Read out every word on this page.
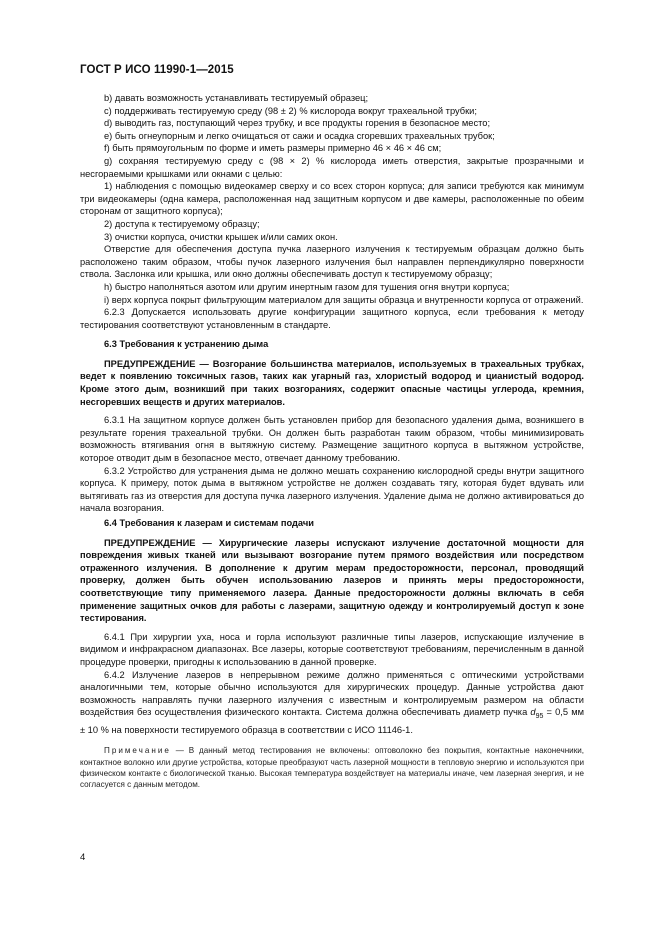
ГОСТ Р ИСО 11990-1—2015

b) давать возможность устанавливать тестируемый образец;

c) поддерживать тестируемую среду (98 ± 2) % кислорода вокруг трахеальной трубки;

d) выводить газ, поступающий через трубку, и все продукты горения в безопасное место;

e) быть огнеупорным и легко очищаться от сажи и осадка сгоревших трахеальных трубок;

f) быть прямоугольным по форме и иметь размеры примерно 46 × 46 × 46 см;

g) сохраняя тестируемую среду с (98 × 2) % кислорода иметь отверстия, закрытые прозрачными и несгораемыми крышками или окнами с целью:

1) наблюдения с помощью видеокамер сверху и со всех сторон корпуса; для записи требуются как минимум три видеокамеры (одна камера, расположенная над защитным корпусом и две камеры, расположенные по обеим сторонам от защитного корпуса);

2) доступа к тестируемому образцу;

3) очистки корпуса, очистки крышек и/или самих окон.

Отверстие для обеспечения доступа пучка лазерного излучения к тестируемым образцам должно быть расположено таким образом, чтобы пучок лазерного излучения был направлен перпендикулярно поверхности ствола. Заслонка или крышка, или окно должны обеспечивать доступ к тестируемому образцу;

h) быстро наполняться азотом или другим инертным газом для тушения огня внутри корпуса;

i) верх корпуса покрыт фильтрующим материалом для защиты образца и внутренности корпуса от отражений.

6.2.3 Допускается использовать другие конфигурации защитного корпуса, если требования к методу тестирования соответствуют установленным в стандарте.

6.3 Требования к устранению дыма

ПРЕДУПРЕЖДЕНИЕ — Возгорание большинства материалов, используемых в трахеальных трубках, ведет к появлению токсичных газов, таких как угарный газ, хлористый водород и цианистый водород. Кроме этого дым, возникший при таких возгораниях, содержит опасные частицы углерода, кремния, несгоревших веществ и других материалов.

6.3.1 На защитном корпусе должен быть установлен прибор для безопасного удаления дыма, возникшего в результате горения трахеальной трубки. Он должен быть разработан таким образом, чтобы минимизировать возможность втягивания огня в вытяжную систему. Размещение защитного корпуса в вытяжном устройстве, которое отводит дым в безопасное место, отвечает данному требованию.

6.3.2 Устройство для устранения дыма не должно мешать сохранению кислородной среды внутри защитного корпуса. К примеру, поток дыма в вытяжном устройстве не должен создавать тягу, которая будет вдувать или вытягивать газ из отверстия для доступа пучка лазерного излучения. Удаление дыма не должно активироваться до начала возгорания.

6.4 Требования к лазерам и системам подачи

ПРЕДУПРЕЖДЕНИЕ — Хирургические лазеры испускают излучение достаточной мощности для повреждения живых тканей или вызывают возгорание путем прямого воздействия или посредством отраженного излучения. В дополнение к другим мерам предосторожности, персонал, проводящий проверку, должен быть обучен использованию лазеров и принять меры предосторожности, соответствующие типу применяемого лазера. Данные предосторожности должны включать в себя применение защитных очков для работы с лазерами, защитную одежду и контролируемый доступ к зоне тестирования.

6.4.1 При хирургии уха, носа и горла используют различные типы лазеров, испускающие излучение в видимом и инфракрасном диапазонах. Все лазеры, которые соответствуют требованиям, перечисленным в данной процедуре проверки, пригодны к использованию в данной проверке.

6.4.2 Излучение лазеров в непрерывном режиме должно применяться с оптическими устройствами аналогичными тем, которые обычно используются для хирургических процедур. Данные устройства дают возможность направлять пучки лазерного излучения с известным и контролируемым размером на области воздействия без осуществления физического контакта. Система должна обеспечивать диаметр пучка $d_{95} = 0,5$ мм ± 10 % на поверхности тестируемого образца в соответствии с ИСО 11146-1.

Примечание — В данный метод тестирования не включены: оптоволокно без покрытия, контактные наконечники, контактное волокно или другие устройства, которые преобразуют часть лазерной мощности в тепловую энергию и используются при физическом контакте с биологической тканью. Высокая температура воздействует на материалы иначе, чем лазерная энергия, и не согласуется с данным методом.

4
